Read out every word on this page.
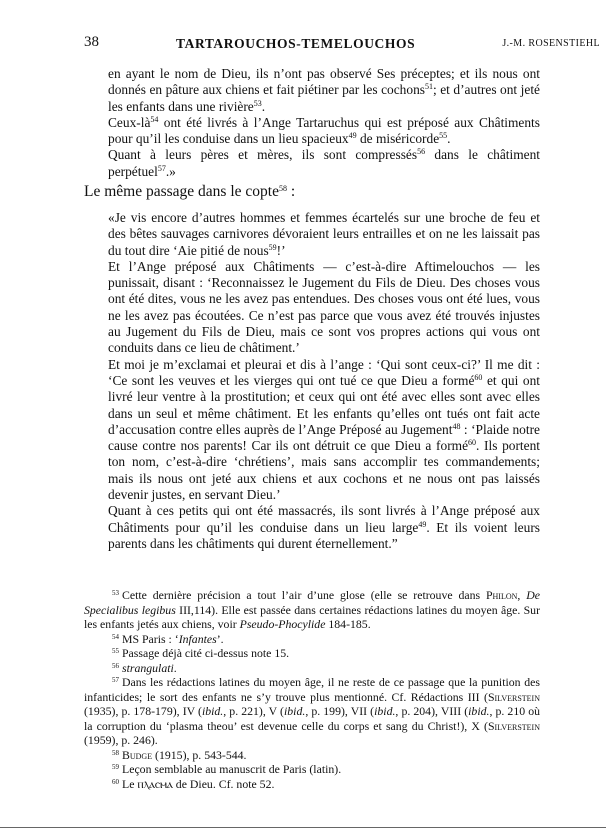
38	TARTAROUCHOS-TEMELOUCHOS	J.-M. ROSENSTIEHL

en ayant le nom de Dieu, ils n’ont pas observé Ses préceptes; et ils nous ont donnés en pâture aux chiens et fait piétiner par les cochons$^{51}$; et d’autres ont jeté les enfants dans une rivière$^{53}$.

Ceux-$là^{54}$ ont été livrés à l’Ange Tartaruchus qui est préposé aux Châtiments pour qu’il les conduise dans un lieu spacieux$^{49}$ de miséricorde$^{55}$.

Quant à leurs pères et mères, ils sont compressés$^{56}$ dans le châtiment perpétuel$^{57}$.»

Le même passage dans le copte$^{58}$ :

«Je vis encore d’autres hommes et femmes écartelés sur une broche de feu et des bêtes sauvages carnivores dévoraient leurs entrailles et on ne les laissait pas du tout dire ‘Aie pitié de nous$^{59}$!’

Et l’Ange préposé aux Châtiments — c’est-à-dire Aftimelouchos — les punissait, disant : ‘Reconnaissez le Jugement du Fils de Dieu. Des choses vous ont été dites, vous ne les avez pas entendues. Des choses vous ont été lues, vous ne les avez pas écoutées. Ce n’est pas parce que vous avez été trouvés injustes au Jugement du Fils de Dieu, mais ce sont vos propres actions qui vous ont conduits dans ce lieu de châtiment.’

Et moi je m’exclamai et pleurai et dis à l’ange : ‘Qui sont ceux-ci?’ Il me dit : ‘Ce sont les veuves et les vierges qui ont tué ce que Dieu a formé$^{60}$ et qui ont livré leur ventre à la prostitution; et ceux qui ont été avec elles sont avec elles dans un seul et même châtiment. Et les enfants qu’elles ont tués ont fait acte d’accusation contre elles auprès de l’Ange Préposé au Jugement$^{48}$ : ‘Plaide notre cause contre nos parents! Car ils ont détruit ce que Dieu a formé$^{60}$. Ils portent ton nom, c’est-à-dire ‘chrétiens’, mais sans accomplir tes commandements; mais ils nous ont jeté aux chiens et aux cochons et ne nous ont pas laissés devenir justes, en servant Dieu.’

Quant à ces petits qui ont été massacrés, ils sont livrés à l’Ange préposé aux Châtiments pour qu’il les conduise dans un lieu large$^{49}$. Et ils voient leurs parents dans les châtiments qui durent éternellement.”

$^{53}$ Cette dernière précision a tout l’air d’une glose (elle se retrouve dans Philon, De Specialibus legibus III,114). Elle est passée dans certaines rédactions latines du moyen âge. Sur les enfants jetés aux chiens, voir Pseudo-Phocylide 184-185.

$^{54}$ MS Paris : ‘Infantes’.

$^{55}$ Passage déjà cité ci-dessus note 15.

$^{56}$ strangulati.

$^{57}$ Dans les rédactions latines du moyen âge, il ne reste de ce passage que la punition des infanticides; le sort des enfants ne s’y trouve plus mentionné. Cf. Rédactions III (Silverstein (1935), p. 178-179), IV (ibid., p. 221), V (ibid., p. 199), VII (ibid., p. 204), VIII (ibid., p. 210 où la corruption du ‘plasma theou’ est devenue celle du corps et sang du Christ!), X (Silverstein (1959), p. 246).

$^{58}$ Budge (1915), p. 543-544.

$^{59}$ Leçon semblable au manuscrit de Paris (latin).

$^{60}$ Le ⲡⲗⲁⲥⲙⲁ de Dieu. Cf. note 52.
